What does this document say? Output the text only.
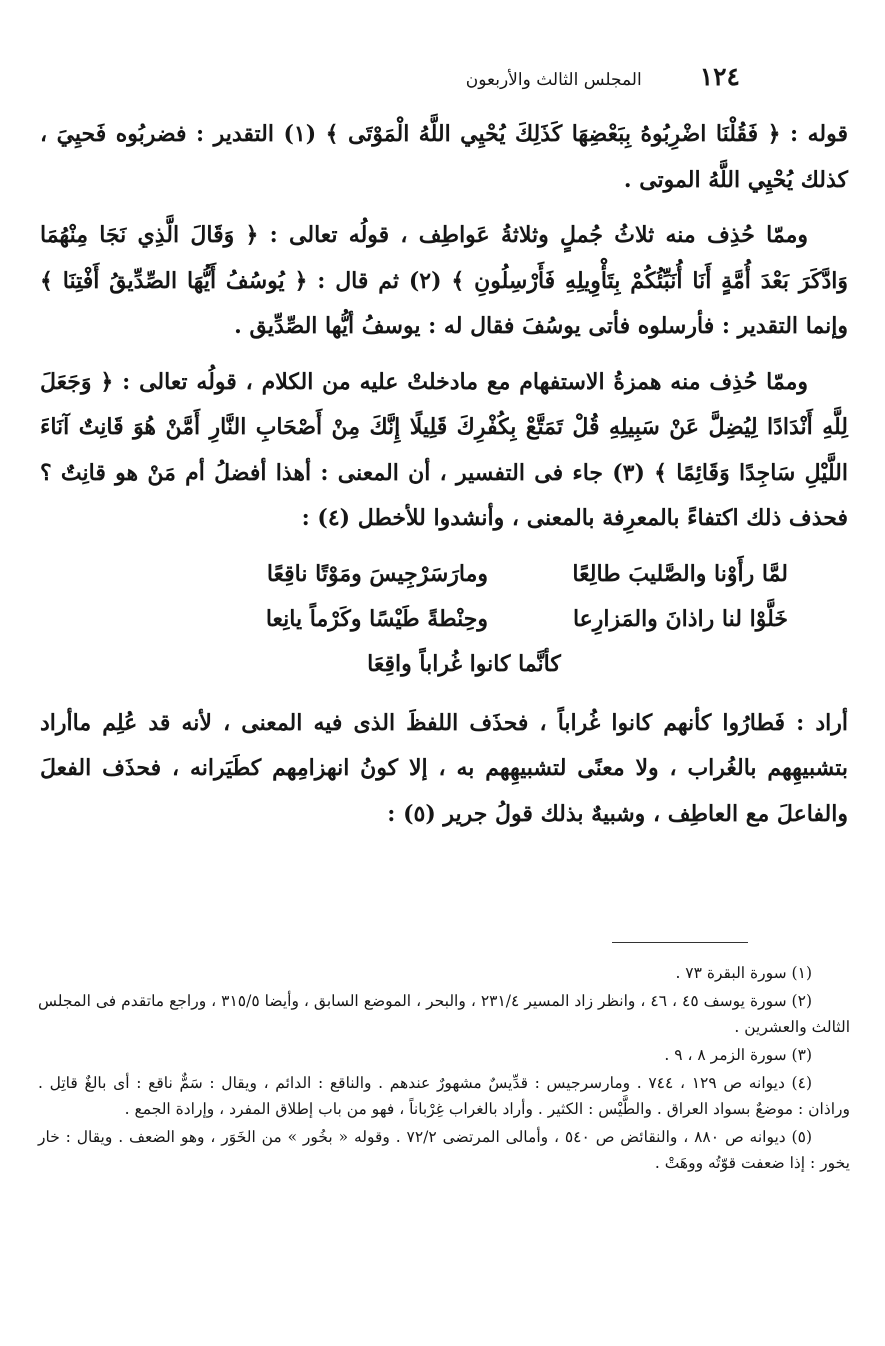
١٢٤
المجلس الثالث والأربعون

قوله : ﴿ فَقُلْنَا اضْرِبُوهُ بِبَعْضِهَا كَذَلِكَ يُحْيِي اللَّهُ الْمَوْتَى ﴾ (١) التقدير : فضربُوه فَحيِيَ ، كذلك يُحْيِي اللَّهُ الموتى .

وممّا حُذِف منه ثلاثُ جُملٍ وثلاثةُ عَواطِف ، قولُه تعالى : ﴿ وَقَالَ الَّذِي نَجَا مِنْهُمَا وَادَّكَرَ بَعْدَ أُمَّةٍ أَنَا أُنَبِّئُكُمْ بِتَأْوِيلِهِ فَأَرْسِلُونِ ﴾ (٢) ثم قال : ﴿ يُوسُفُ أَيُّهَا الصِّدِّيقُ أَفْتِنَا ﴾ وإنما التقدير : فأرسلوه فأتى يوسُفَ فقال له : يوسفُ أيُّها الصِّدِّيق .

وممّا حُذِف منه همزةُ الاستفهام مع مادخلتْ عليه من الكلام ، قولُه تعالى : ﴿ وَجَعَلَ لِلَّهِ أَنْدَادًا لِيُضِلَّ عَنْ سَبِيلِهِ قُلْ تَمَتَّعْ بِكُفْرِكَ قَلِيلًا إِنَّكَ مِنْ أَصْحَابِ النَّارِ أَمَّنْ هُوَ قَانِتٌ آنَاءَ اللَّيْلِ سَاجِدًا وَقَائِمًا ﴾ (٣) جاء فى التفسير ، أن المعنى : أهذا أفضلُ أم مَنْ هو قانِتٌ ؟ فحذف ذلك اكتفاءً بالمعرِفة بالمعنى ، وأنشدوا للأخطل (٤) :

لمَّا رأَوْنا والصَّليبَ طالِعًا
ومارَسَرْجِيسَ ومَوْتًا ناقِعًا
خَلَّوْا لنا راذانَ والمَزارِعا
وحِنْطةً طَيْسًا وكَرْماً يانِعا
كأنَّما كانوا غُراباً واقِعَا

أراد : فَطارُوا كأنهم كانوا غُراباً ، فحذَف اللفظَ الذى فيه المعنى ، لأنه قد عُلِم ماأراد بتشبيهِهم بالغُراب ، ولا معنًى لتشبيهِهم به ، إلا كونُ انهزامِهم كطَيَرانه ، فحذَف الفعلَ والفاعلَ مع العاطِف ، وشبيهٌ بذلك قولُ جرير (٥) :

(١) سورة البقرة ٧٣ .

(٢) سورة يوسف ٤٥ ، ٤٦ ، وانظر زاد المسير ٢٣١/٤ ، والبحر ، الموضع السابق ، وأيضا ٣١٥/٥ ، وراجع ماتقدم فى المجلس الثالث والعشرين .

(٣) سورة الزمر ٨ ، ٩ .

(٤) ديوانه ص ١٢٩ ، ٧٤٤ . ومارسرجيس : قدِّيسٌ مشهورٌ عندهم . والناقع : الدائم ، ويقال : سَمٌّ ناقع : أى بالغٌ قاتِل . وراذان : موضعٌ بسواد العراق . والطَّيْس : الكثير . وأراد بالغراب غِرْباناً ، فهو من باب إطلاق المفرد ، وإرادة الجمع .

(٥) ديوانه ص ٨٨٠ ، والنقائض ص ٥٤٠ ، وأمالى المرتضى ٧٢/٢ . وقوله « بخُور » من الخَوَر ، وهو الضعف . ويقال : خار يخور : إذا ضعفت قوّتُه ووهَتْ .
